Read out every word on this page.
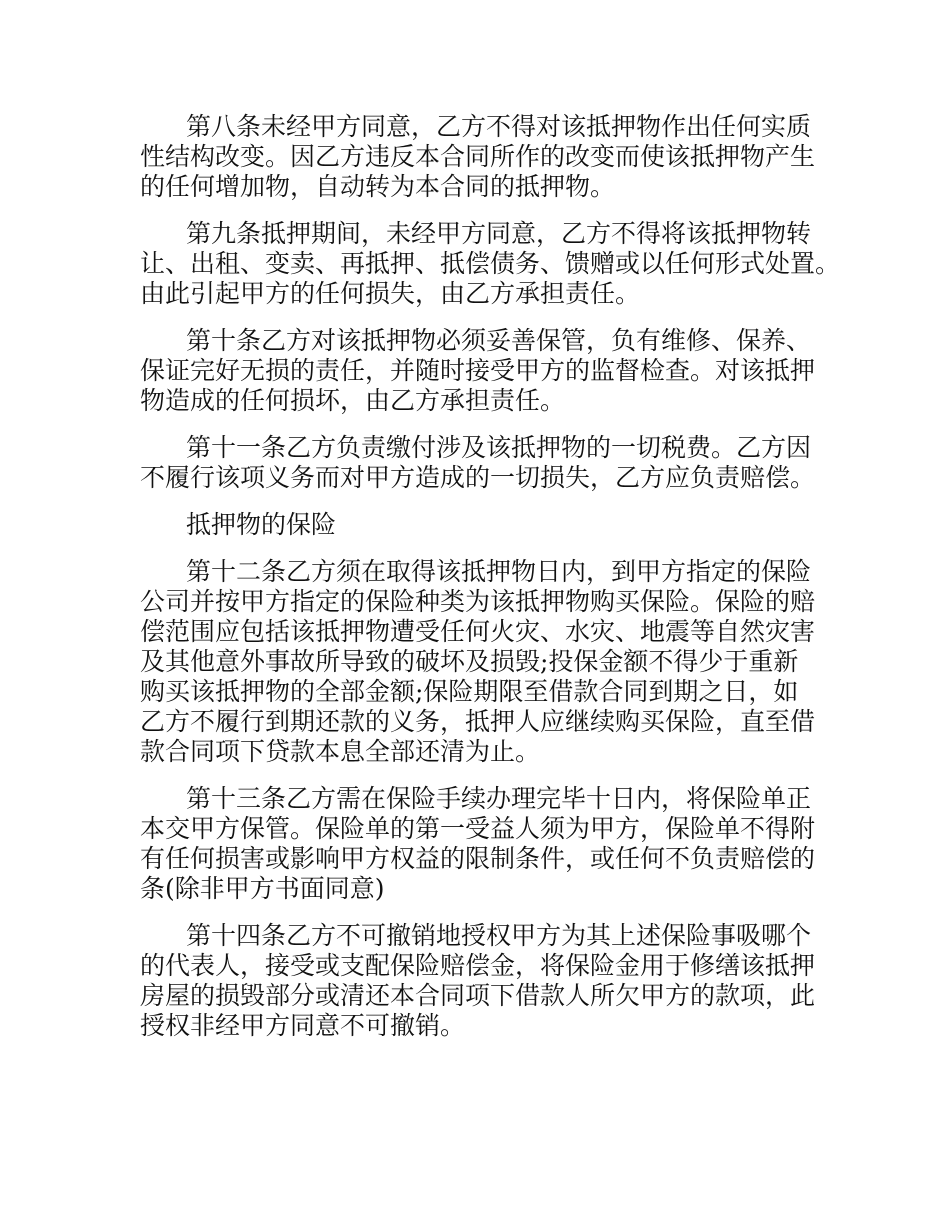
第八条未经甲方同意，乙方不得对该抵押物作出任何实质
性结构改变。因乙方违反本合同所作的改变而使该抵押物产生
的任何增加物，自动转为本合同的抵押物。

第九条抵押期间，未经甲方同意，乙方不得将该抵押物转
让、出租、变卖、再抵押、抵偿债务、馈赠或以任何形式处置。
由此引起甲方的任何损失，由乙方承担责任。

第十条乙方对该抵押物必须妥善保管，负有维修、保养、
保证完好无损的责任，并随时接受甲方的监督检查。对该抵押
物造成的任何损坏，由乙方承担责任。

第十一条乙方负责缴付涉及该抵押物的一切税费。乙方因
不履行该项义务而对甲方造成的一切损失，乙方应负责赔偿。

抵押物的保险

第十二条乙方须在取得该抵押物日内，到甲方指定的保险
公司并按甲方指定的保险种类为该抵押物购买保险。保险的赔
偿范围应包括该抵押物遭受任何火灾、水灾、地震等自然灾害
及其他意外事故所导致的破坏及损毁;投保金额不得少于重新
购买该抵押物的全部金额;保险期限至借款合同到期之日，如
乙方不履行到期还款的义务，抵押人应继续购买保险，直至借
款合同项下贷款本息全部还清为止。

第十三条乙方需在保险手续办理完毕十日内，将保险单正
本交甲方保管。保险单的第一受益人须为甲方，保险单不得附
有任何损害或影响甲方权益的限制条件，或任何不负责赔偿的
条(除非甲方书面同意)

第十四条乙方不可撤销地授权甲方为其上述保险事吸哪个
的代表人，接受或支配保险赔偿金，将保险金用于修缮该抵押
房屋的损毁部分或清还本合同项下借款人所欠甲方的款项，此
授权非经甲方同意不可撤销。
